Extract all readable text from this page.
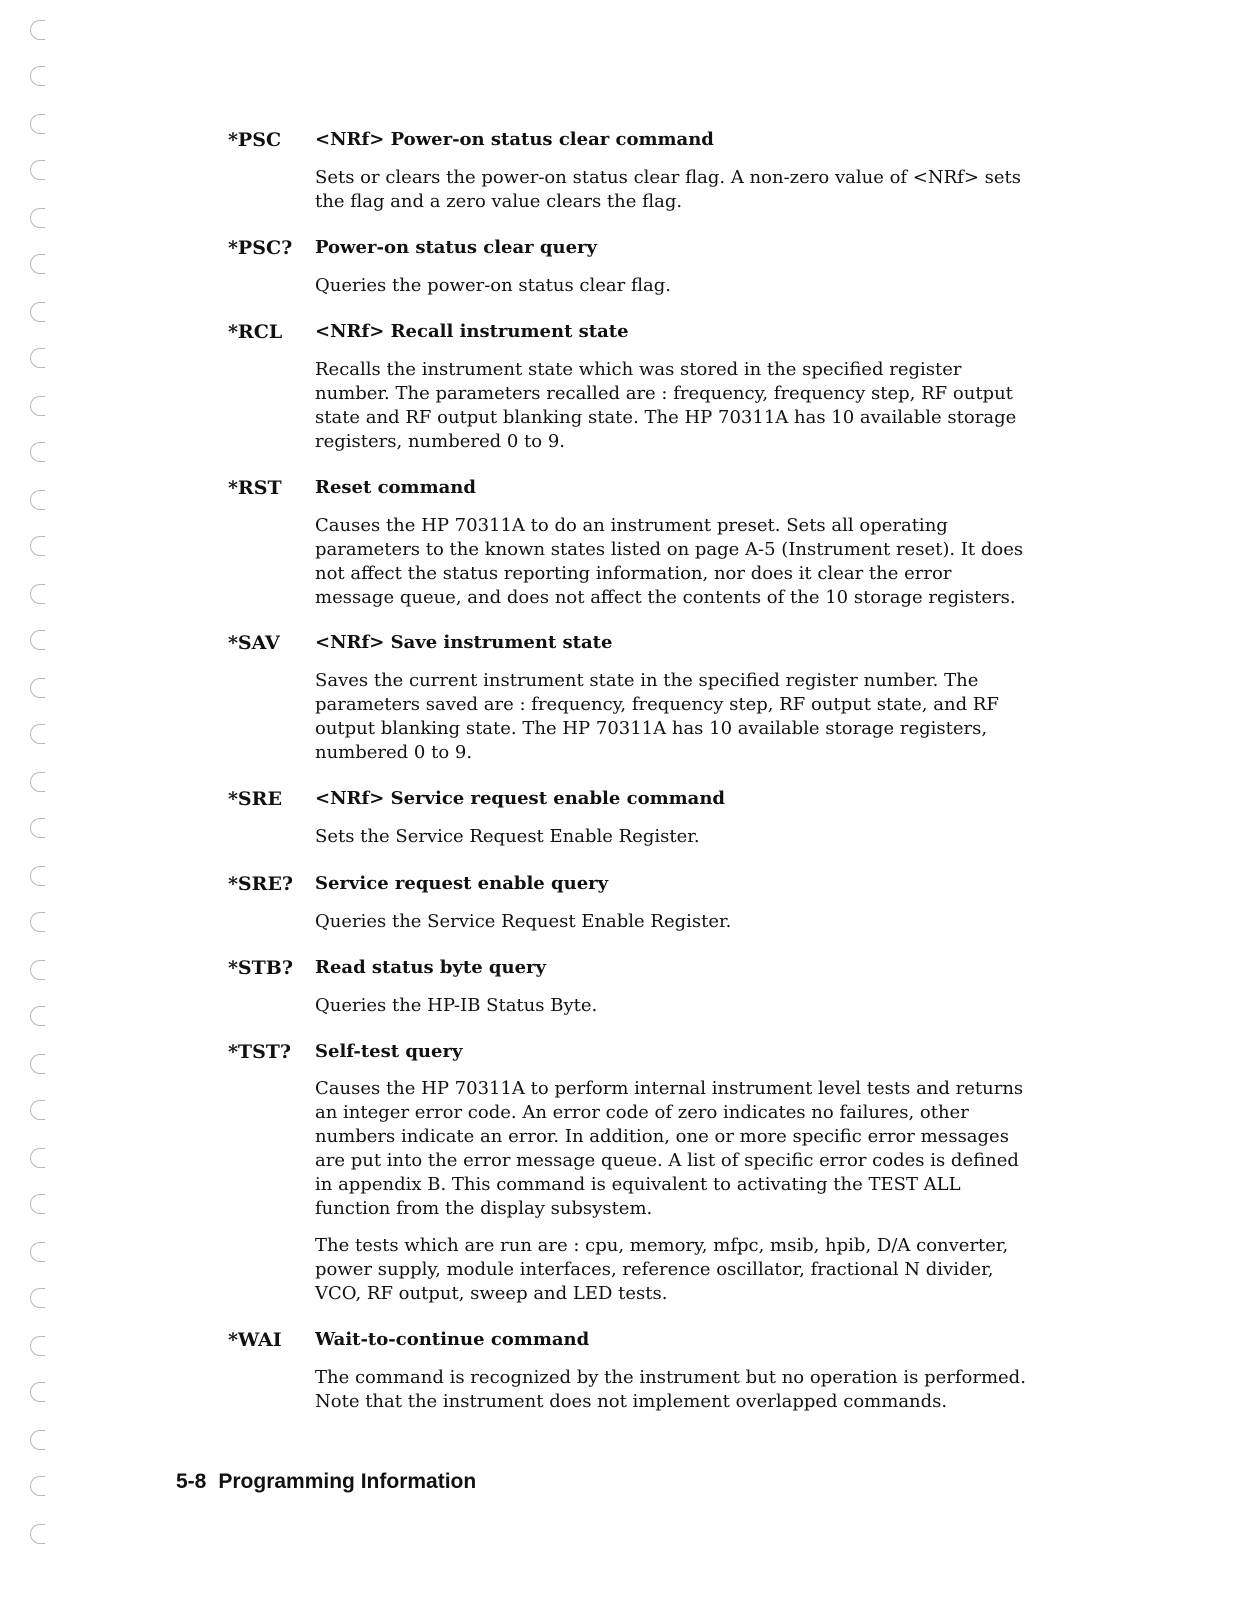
*PSC <NRf> Power-on status clear command
Sets or clears the power-on status clear flag. A non-zero value of <NRf> sets the flag and a zero value clears the flag.
*PSC? Power-on status clear query
Queries the power-on status clear flag.
*RCL <NRf> Recall instrument state
Recalls the instrument state which was stored in the specified register number. The parameters recalled are : frequency, frequency step, RF output state and RF output blanking state. The HP 70311A has 10 available storage registers, numbered 0 to 9.
*RST Reset command
Causes the HP 70311A to do an instrument preset. Sets all operating parameters to the known states listed on page A-5 (Instrument reset). It does not affect the status reporting information, nor does it clear the error message queue, and does not affect the contents of the 10 storage registers.
*SAV <NRf> Save instrument state
Saves the current instrument state in the specified register number. The parameters saved are : frequency, frequency step, RF output state, and RF output blanking state. The HP 70311A has 10 available storage registers, numbered 0 to 9.
*SRE <NRf> Service request enable command
Sets the Service Request Enable Register.
*SRE? Service request enable query
Queries the Service Request Enable Register.
*STB? Read status byte query
Queries the HP-IB Status Byte.
*TST? Self-test query
Causes the HP 70311A to perform internal instrument level tests and returns an integer error code. An error code of zero indicates no failures, other numbers indicate an error. In addition, one or more specific error messages are put into the error message queue. A list of specific error codes is defined in appendix B. This command is equivalent to activating the TEST ALL function from the display subsystem.
The tests which are run are : cpu, memory, mfpc, msib, hpib, D/A converter, power supply, module interfaces, reference oscillator, fractional N divider, VCO, RF output, sweep and LED tests.
*WAI Wait-to-continue command
The command is recognized by the instrument but no operation is performed. Note that the instrument does not implement overlapped commands.
5-8 Programming Information
